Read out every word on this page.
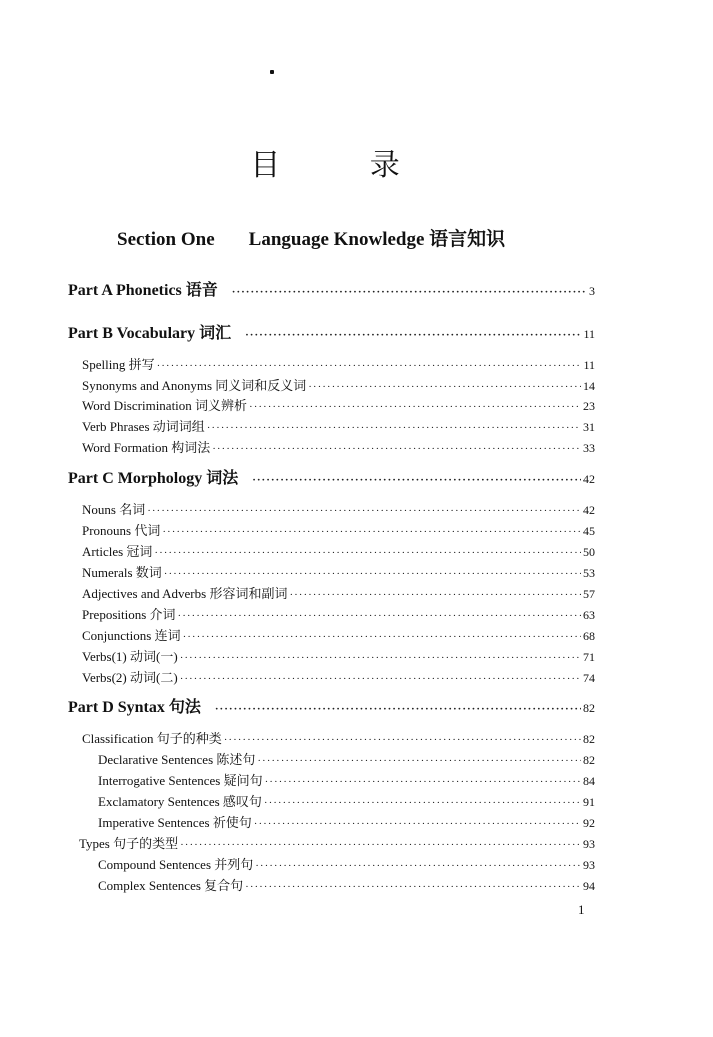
目 录
Section One Language Knowledge 语言知识
Part A Phonetics 语音 ·····	3
Part B Vocabulary 词汇 ·····	11
Spelling 拼写 ·····	11
Synonyms and Anonyms 同义词和反义词 ·····	14
Word Discrimination 词义辨析 ·····	23
Verb Phrases 动词词组 ·····	31
Word Formation 构词法 ·····	33
Part C Morphology 词法 ·····	42
Nouns 名词 ·····	42
Pronouns 代词 ·····	45
Articles 冠词 ·····	50
Numerals 数词 ·····	53
Adjectives and Adverbs 形容词和副词 ·····	57
Prepositions 介词 ·····	63
Conjunctions 连词 ·····	68
Verbs(1) 动词(一) ·····	71
Verbs(2) 动词(二) ·····	74
Part D Syntax 句法 ·····	82
Classification 句子的种类 ·····	82
Declarative Sentences 陈述句 ·····	82
Interrogative Sentences 疑问句 ·····	84
Exclamatory Sentences 感叹句 ·····	91
Imperative Sentences 祈使句 ·····	92
Types 句子的类型 ·····	93
Compound Sentences 并列句 ·····	93
Complex Sentences 复合句 ·····	94
1
